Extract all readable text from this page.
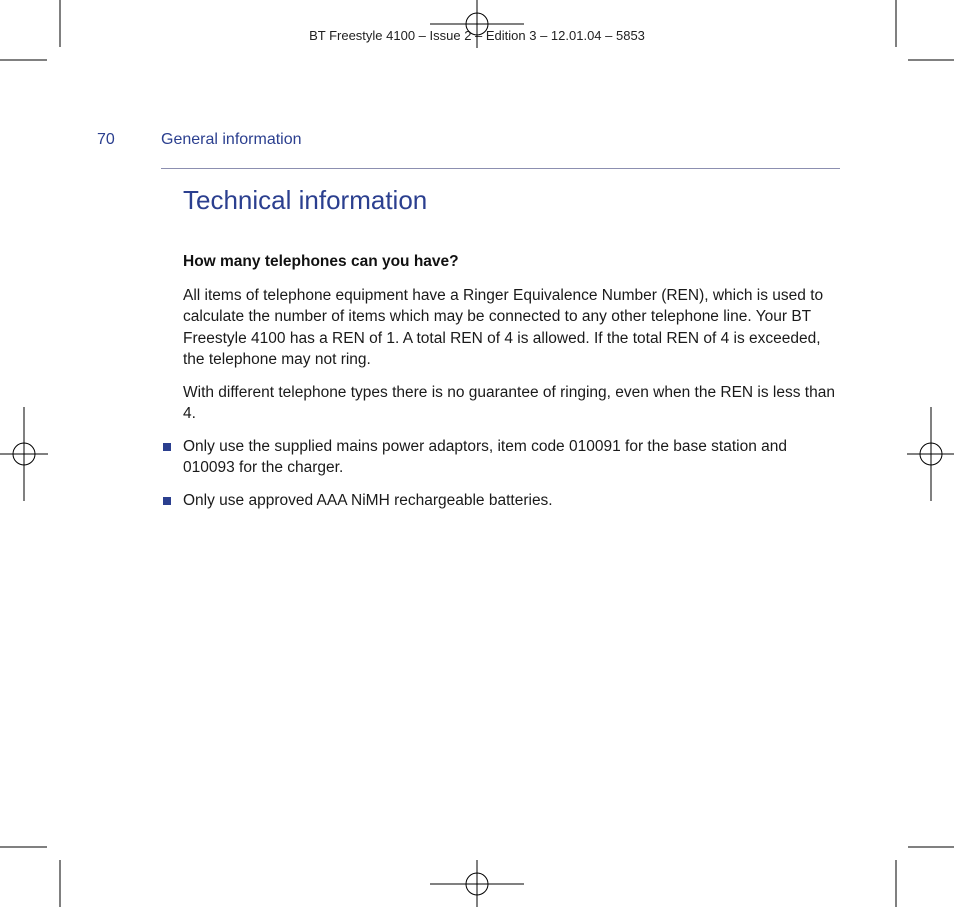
BT Freestyle 4100 – Issue 2 – Edition 3 – 12.01.04 – 5853
70	General information
Technical information

How many telephones can you have?

All items of telephone equipment have a Ringer Equivalence Number (REN), which is used to calculate the number of items which may be connected to any other telephone line. Your BT Freestyle 4100 has a REN of 1. A total REN of 4 is allowed. If the total REN of 4 is exceeded, the telephone may not ring.

With different telephone types there is no guarantee of ringing, even when the REN is less than 4.

Only use the supplied mains power adaptors, item code 010091 for the base station and 010093 for the charger.
Only use approved AAA NiMH rechargeable batteries.
